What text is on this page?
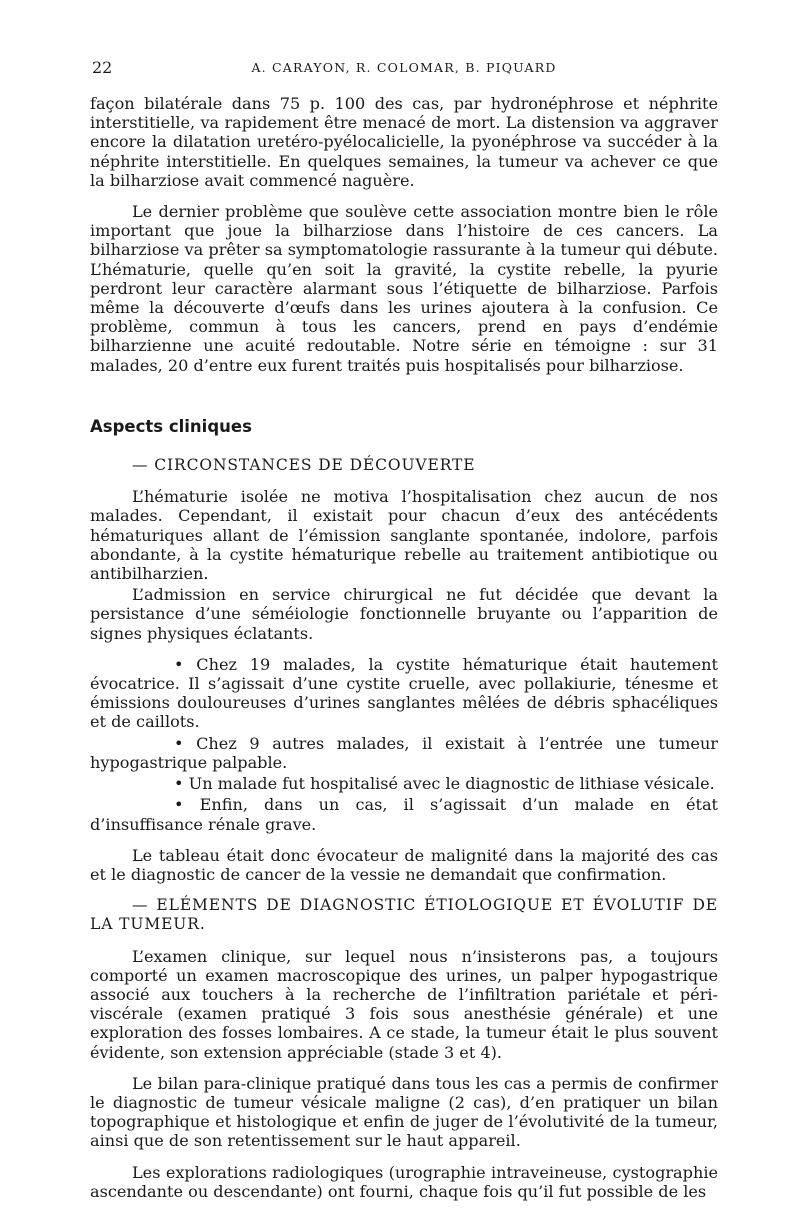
22	A. CARAYON, R. COLOMAR, B. PIQUARD

façon bilatérale dans 75 p. 100 des cas, par hydronéphrose et néphrite interstitielle, va rapidement être menacé de mort. La distension va aggraver encore la dilatation uretéro-pyélocalicielle, la pyonéphrose va succéder à la néphrite interstitielle. En quelques semaines, la tumeur va achever ce que la bilharziose avait commencé naguère.

Le dernier problème que soulève cette association montre bien le rôle important que joue la bilharziose dans l’histoire de ces cancers. La bilharziose va prêter sa symptomatologie rassurante à la tumeur qui débute. L’hématurie, quelle qu’en soit la gravité, la cystite rebelle, la pyurie perdront leur caractère alarmant sous l’étiquette de bilharziose. Parfois même la découverte d’œufs dans les urines ajoutera à la confusion. Ce problème, commun à tous les cancers, prend en pays d’endémie bilharzienne une acuité redoutable. Notre série en témoigne : sur 31 malades, 20 d’entre eux furent traités puis hospitalisés pour bilharziose.

Aspects cliniques

— CIRCONSTANCES DE DÉCOUVERTE

L’hématurie isolée ne motiva l’hospitalisation chez aucun de nos malades. Cependant, il existait pour chacun d’eux des antécédents hématuriques allant de l’émission sanglante spontanée, indolore, parfois abondante, à la cystite hématurique rebelle au traitement antibiotique ou antibilharzien.

L’admission en service chirurgical ne fut décidée que devant la persistance d’une séméiologie fonctionnelle bruyante ou l’apparition de signes physiques éclatants.

• Chez 19 malades, la cystite hématurique était hautement évocatrice. Il s’agissait d’une cystite cruelle, avec pollakiurie, ténesme et émissions douloureuses d’urines sanglantes mêlées de débris sphacéliques et de caillots.

• Chez 9 autres malades, il existait à l’entrée une tumeur hypogastrique palpable.

• Un malade fut hospitalisé avec le diagnostic de lithiase vésicale.

• Enfin, dans un cas, il s’agissait d’un malade en état d’insuffisance rénale grave.

Le tableau était donc évocateur de malignité dans la majorité des cas et le diagnostic de cancer de la vessie ne demandait que confirmation.

— ELÉMENTS DE DIAGNOSTIC ÉTIOLOGIQUE ET ÉVOLUTIF DE LA TUMEUR.

L’examen clinique, sur lequel nous n’insisterons pas, a toujours comporté un examen macroscopique des urines, un palper hypogastrique associé aux touchers à la recherche de l’infiltration pariétale et péri-viscérale (examen pratiqué 3 fois sous anesthésie générale) et une exploration des fosses lombaires. A ce stade, la tumeur était le plus souvent évidente, son extension appréciable (stade 3 et 4).

Le bilan para-clinique pratiqué dans tous les cas a permis de confirmer le diagnostic de tumeur vésicale maligne (2 cas), d’en pratiquer un bilan topographique et histologique et enfin de juger de l’évolutivité de la tumeur, ainsi que de son retentissement sur le haut appareil.

Les explorations radiologiques (urographie intraveineuse, cystographie ascendante ou descendante) ont fourni, chaque fois qu’il fut possible de les
